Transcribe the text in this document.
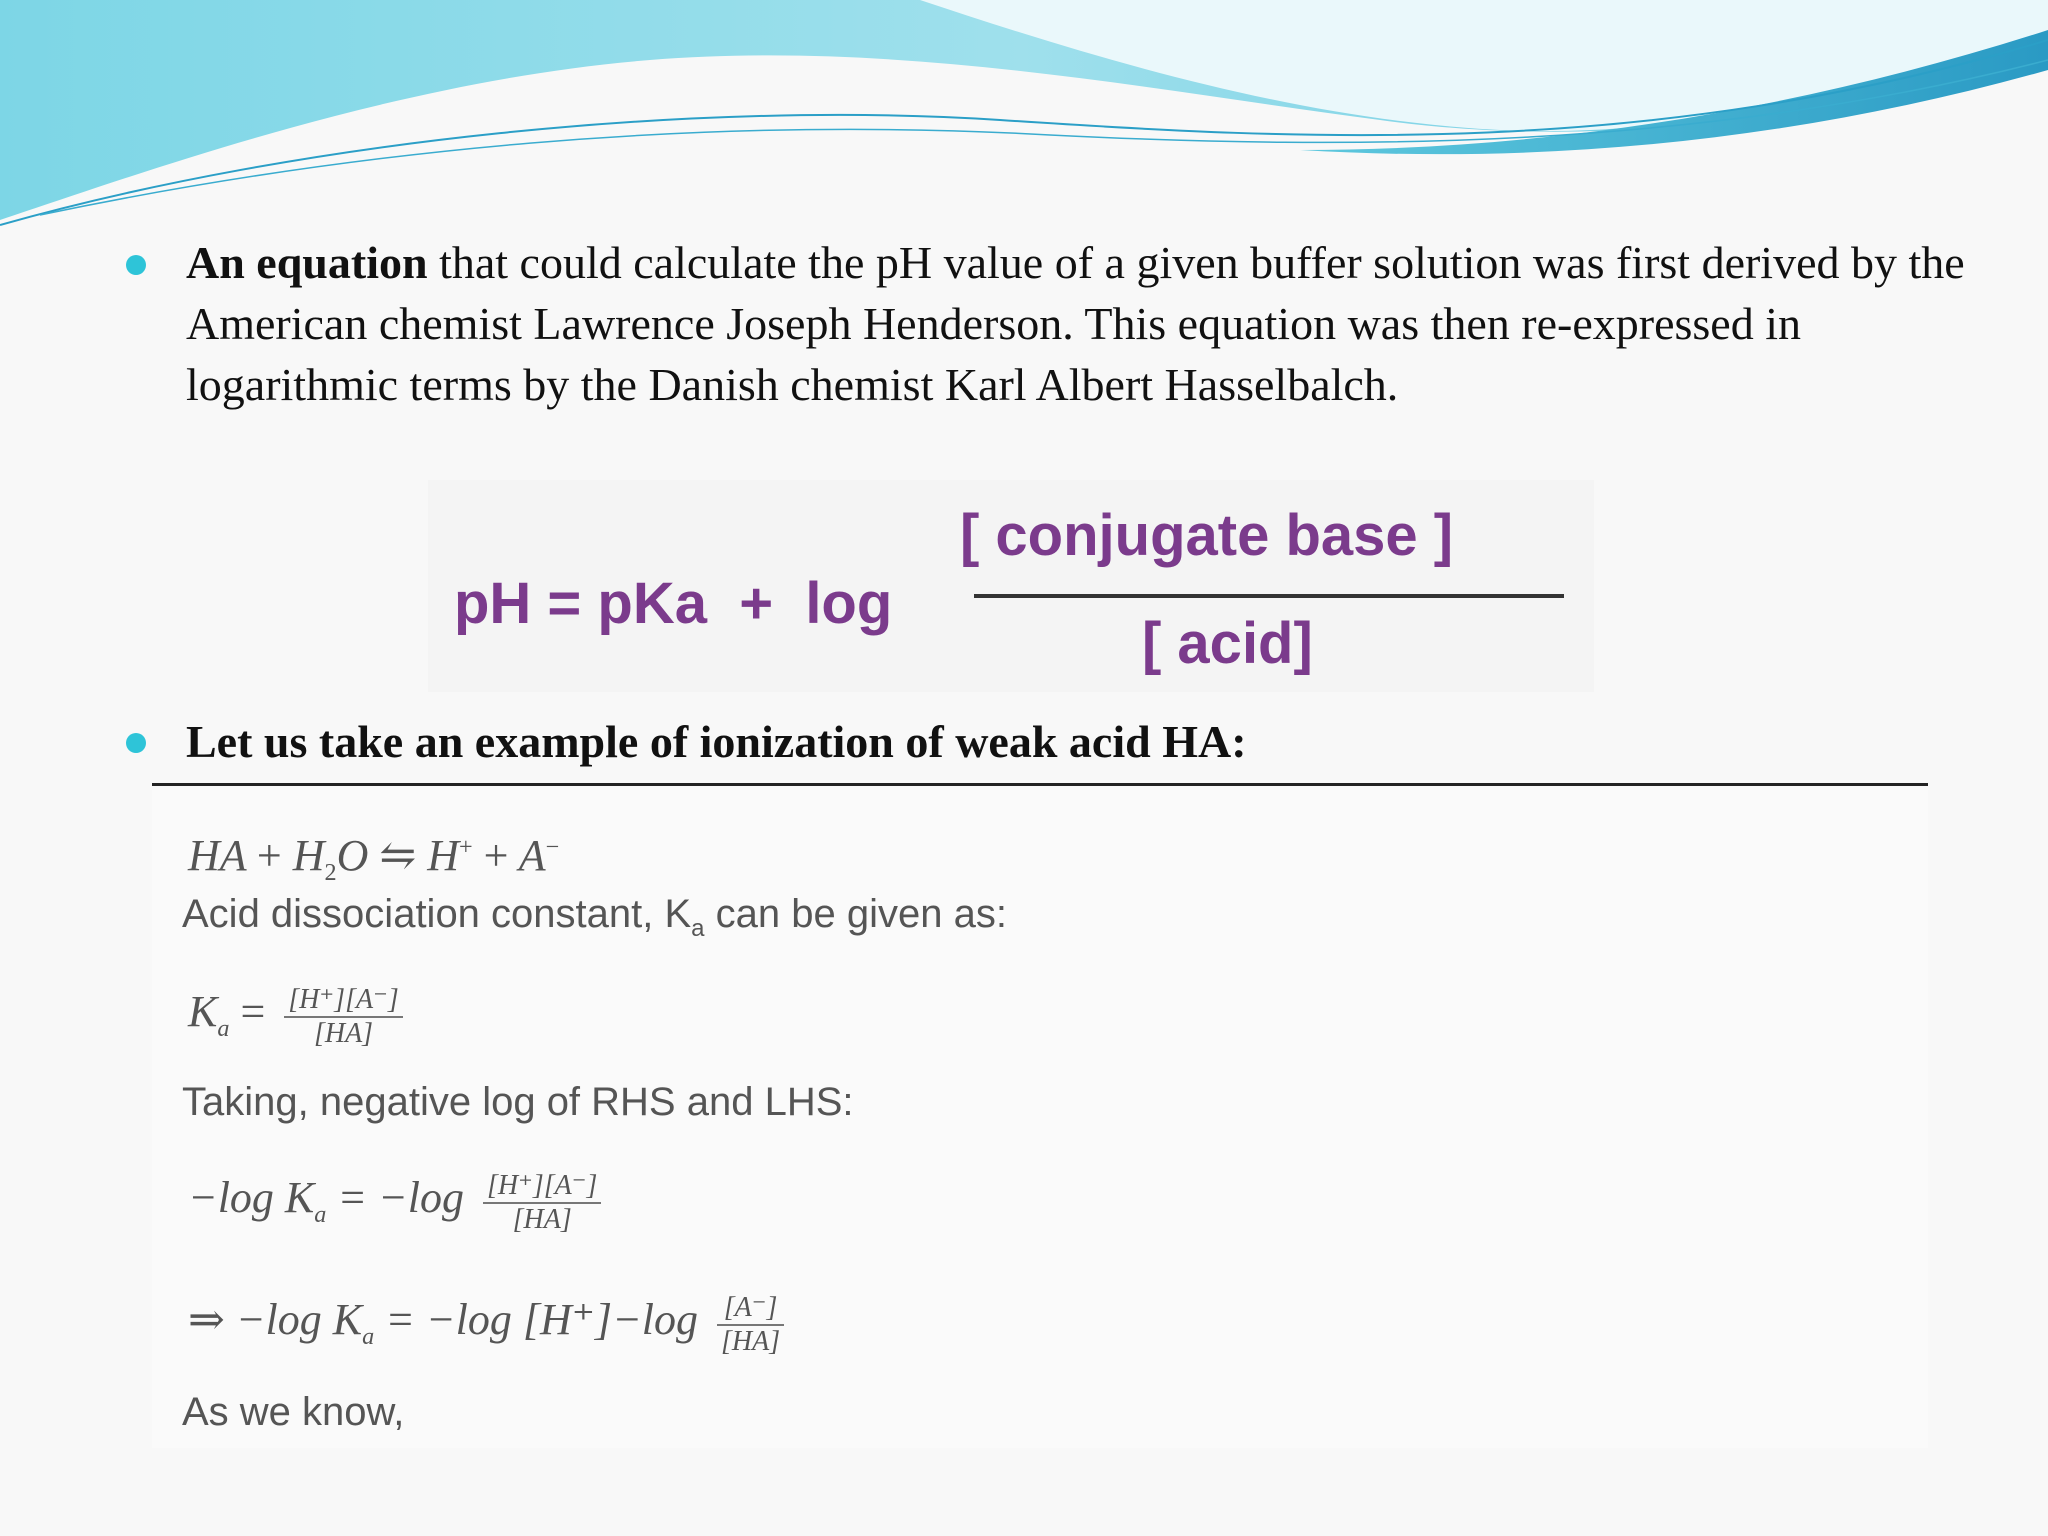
An equation that could calculate the pH value of a given buffer solution was first derived by the American chemist Lawrence Joseph Henderson. This equation was then re-expressed in logarithmic terms by the Danish chemist Karl Albert Hasselbalch.

pH = pKa  +  log
[ conjugate base ]
[ acid]

Let us take an example of ionization of weak acid HA:

HA + $H_2O$ ⇋ H+ + A−
Acid dissociation constant, $K_a$ can be given as:
$K_a = \frac{[H^+][A^-]}{[HA]}$
Taking, negative log of RHS and LHS:
−log $K_a = -\log \frac{[H^+][A^-]}{[HA]}$
⇒ −log $K_a = -\log$ $[H^+]-\log \frac{[A^-]}{[HA]}$
As we know,
